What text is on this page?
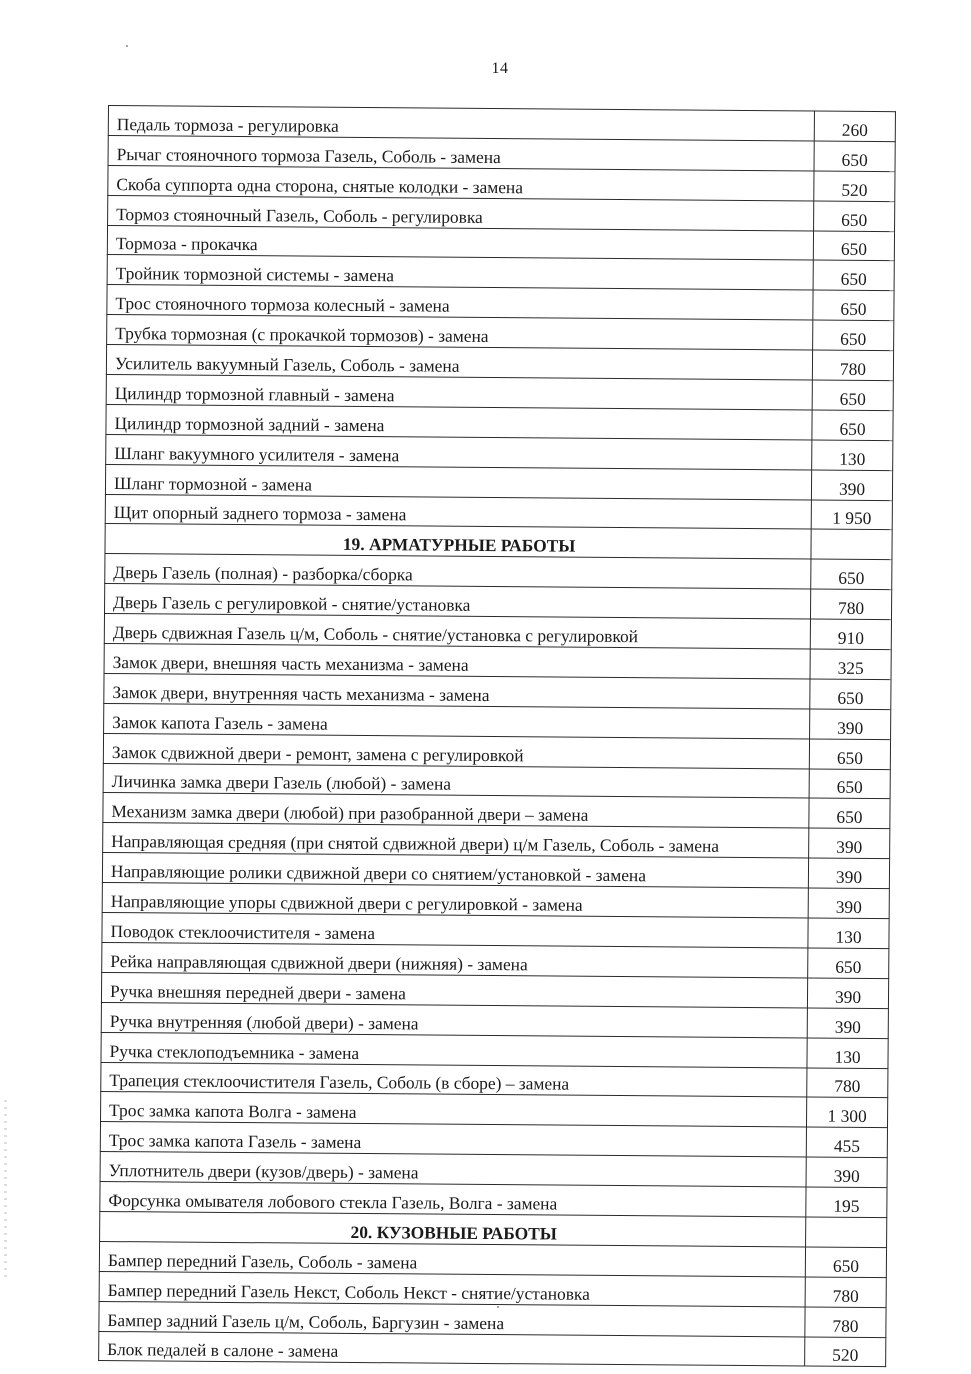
14
Педаль тормоза - регулировка	260
Рычаг стояночного тормоза Газель, Соболь - замена	650
Скоба суппорта одна сторона, снятые колодки - замена	520
Тормоз стояночный Газель, Соболь - регулировка	650
Тормоза - прокачка	650
Тройник тормозной системы - замена	650
Трос стояночного тормоза колесный - замена	650
Трубка тормозная (с прокачкой тормозов) - замена	650
Усилитель вакуумный Газель, Соболь - замена	780
Цилиндр тормозной главный - замена	650
Цилиндр тормозной задний - замена	650
Шланг вакуумного усилителя - замена	130
Шланг тормозной - замена	390
Щит опорный заднего тормоза - замена	1 950
19. АРМАТУРНЫЕ РАБОТЫ	
Дверь Газель (полная) - разборка/сборка	650
Дверь Газель с регулировкой - снятие/установка	780
Дверь сдвижная Газель ц/м, Соболь - снятие/установка с регулировкой	910
Замок двери, внешняя часть механизма - замена	325
Замок двери, внутренняя часть механизма - замена	650
Замок капота Газель - замена	390
Замок сдвижной двери - ремонт, замена с регулировкой	650
Личинка замка двери Газель (любой) - замена	650
Механизм замка двери (любой) при разобранной двери – замена	650
Направляющая средняя (при снятой сдвижной двери) ц/м Газель, Соболь - замена	390
Направляющие ролики сдвижной двери со снятием/установкой - замена	390
Направляющие упоры сдвижной двери с регулировкой - замена	390
Поводок стеклоочистителя - замена	130
Рейка направляющая сдвижной двери (нижняя) - замена	650
Ручка внешняя передней двери - замена	390
Ручка внутренняя (любой двери) - замена	390
Ручка стеклоподъемника - замена	130
Трапеция стеклоочистителя Газель, Соболь (в сборе) – замена	780
Трос замка капота Волга - замена	1 300
Трос замка капота Газель - замена	455
Уплотнитель двери (кузов/дверь) - замена	390
Форсунка омывателя лобового стекла Газель, Волга - замена	195
20. КУЗОВНЫЕ РАБОТЫ	
Бампер передний Газель, Соболь - замена	650
Бампер передний Газель Некст, Соболь Некст - снятие/установка	780
Бампер задний Газель ц/м, Соболь, Баргузин - замена	780
Блок педалей в салоне - замена	520
